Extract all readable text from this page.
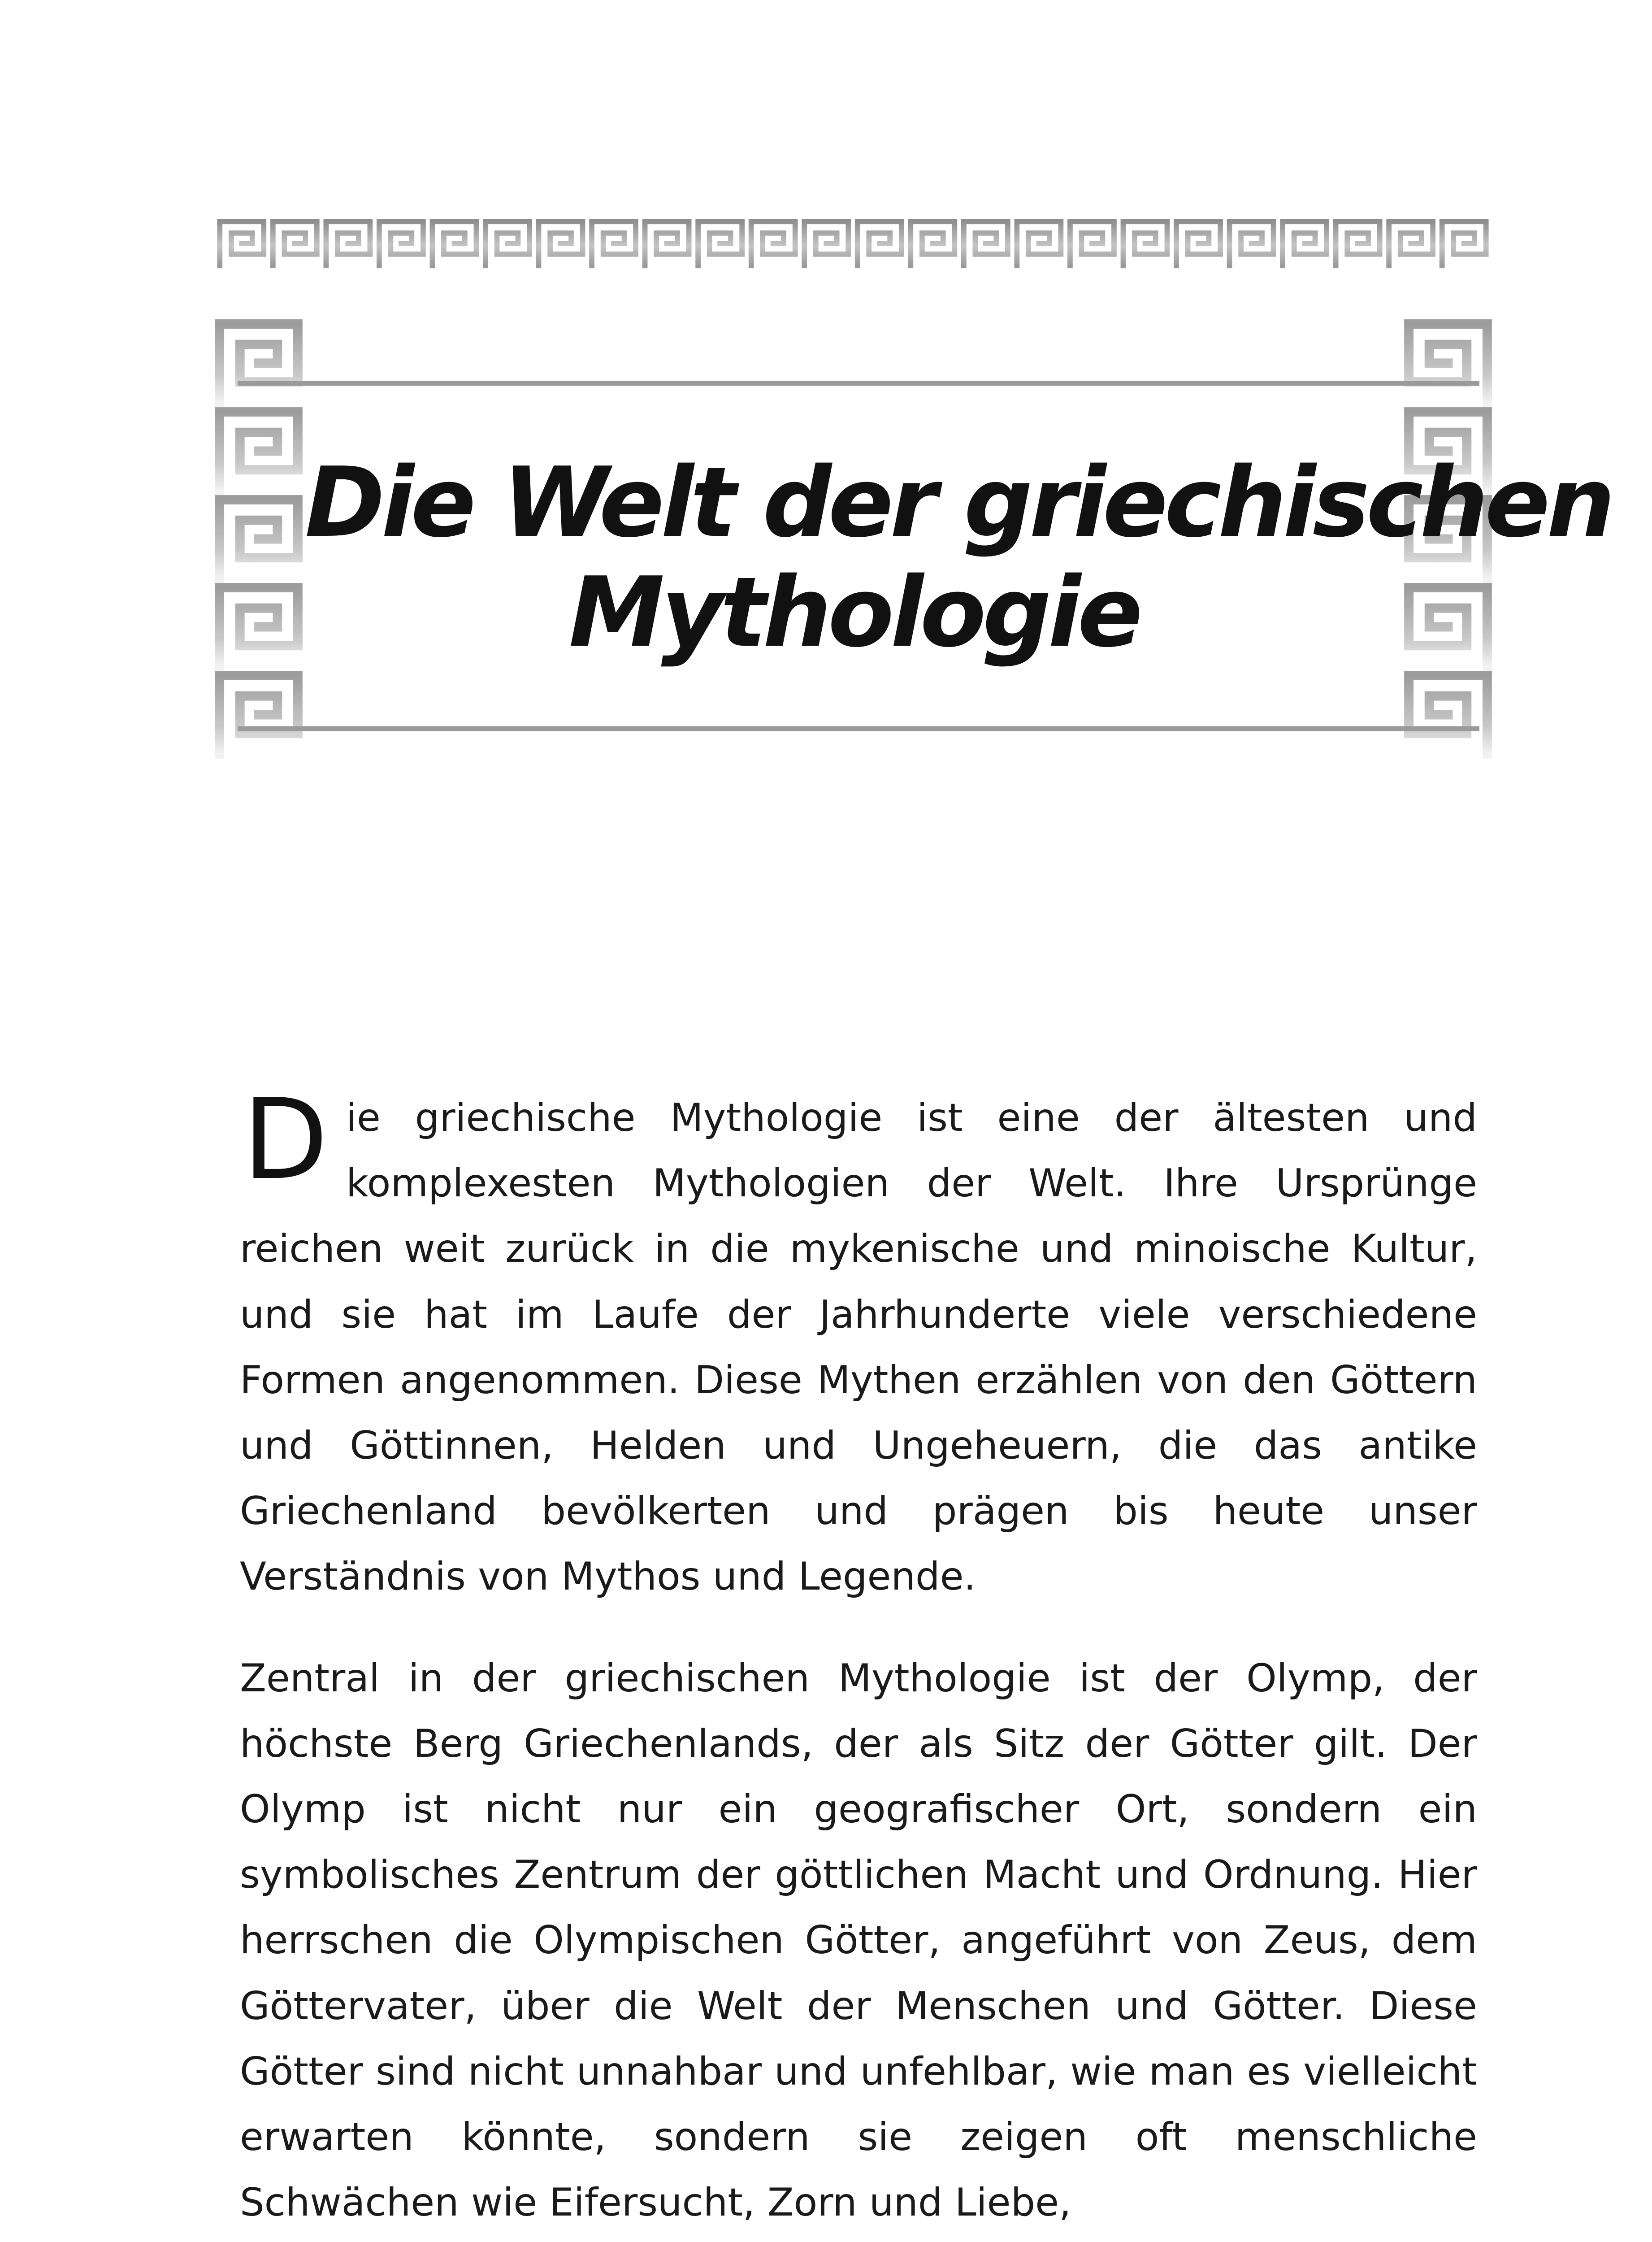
Die Welt der griechischen
Mythologie

Die griechische Mythologie ist eine der ältesten und komplexesten Mythologien der Welt. Ihre Ursprünge reichen weit zurück in die mykenische und minoische Kultur, und sie hat im Laufe der Jahrhunderte viele verschiedene Formen angenommen. Diese Mythen erzählen von den Göttern und Göttinnen, Helden und Ungeheuern, die das antike Griechenland bevölkerten und prägen bis heute unser Verständnis von Mythos und Legende.

Zentral in der griechischen Mythologie ist der Olymp, der höchste Berg Griechenlands, der als Sitz der Götter gilt. Der Olymp ist nicht nur ein geografischer Ort, sondern ein symbolisches Zentrum der göttlichen Macht und Ordnung. Hier herrschen die Olympischen Götter, angeführt von Zeus, dem Göttervater, über die Welt der Menschen und Götter. Diese Götter sind nicht unnahbar und unfehlbar, wie man es vielleicht erwarten könnte, sondern sie zeigen oft menschliche Schwächen wie Eifersucht, Zorn und Liebe,
